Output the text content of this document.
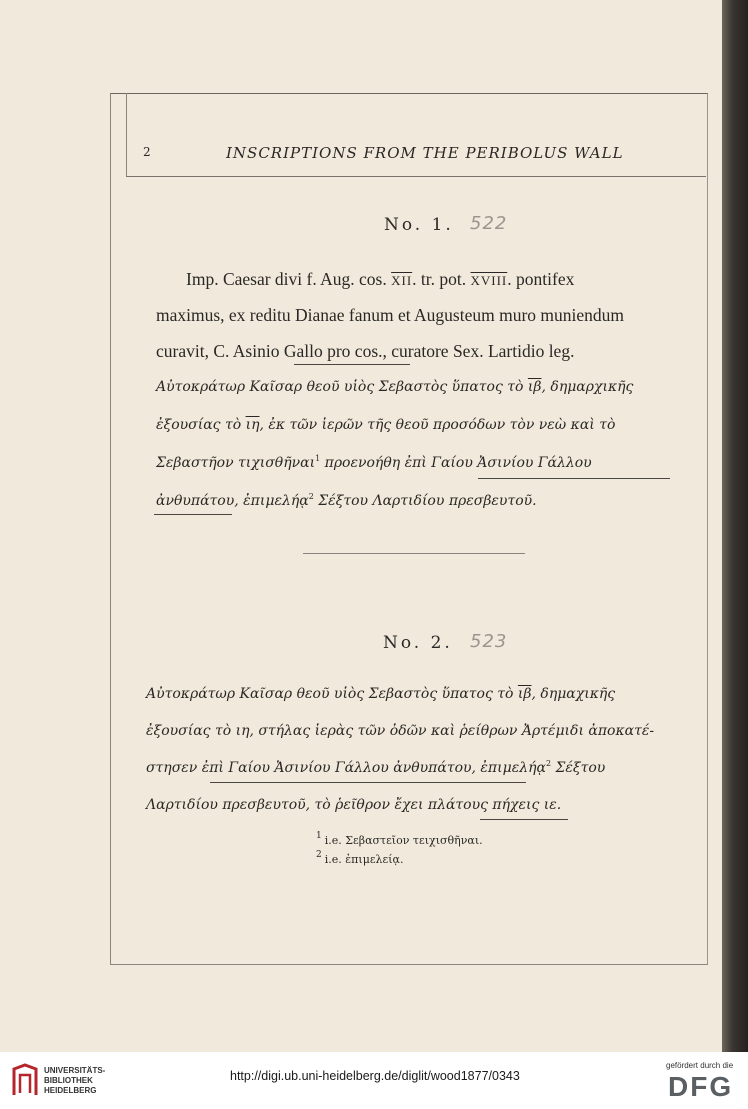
2	INSCRIPTIONS FROM THE PERIBOLUS WALL
No. 1. 522
Imp. Caesar divi f. Aug. cos. $\overline{XII}$. tr. pot. XVIII. pontifex
maximus, ex reditu Dianae fanum et Augusteum muro muniendum
curavit, C. Asinio Gallo pro cos., curatore Sex. Lartidio leg.
Αὐτοκράτωρ Καῖσαρ θεοῦ υἱὸς Σεβαστὸς ὕπατος τὸ $\overline{\iota\beta}$, δημαρχικῆς
ἐξουσίας τὸ $\overline{\iota\eta}$, ἐκ τῶν ἱερῶν τῆς θεοῦ προσόδων τὸν νεὼ καὶ τὸ
Σεβαστῆον τιχισθῆναι$^1$ προενοήθη ἐπὶ Γαίου Ἀσινίου Γάλλου
ἀνθυπάτου, ἐπιμελήᾳ$^2$ Σέξτου Λαρτιδίου πρεσβευτοῦ.
No. 2. 523
Αὐτοκράτωρ Καῖσαρ θεοῦ υἱὸς Σεβαστὸς ὕπατος τὸ $\overline{\iota\beta}$, δημαχικῆς
ἐξουσίας τὸ ιη, στήλας ἱερὰς τῶν ὁδῶν καὶ ῥείθρων Ἀρτέμιδι ἀποκατέ-
στησεν ἐπὶ Γαίου Ἀσινίου Γάλλου ἀνθυπάτου, ἐπιμελήᾳ$^2$ Σέξτου
Λαρτιδίου πρεσβευτοῦ, τὸ ῥεῖθρον ἔχει πλάτους πήχεις ιε.
$^1$ i.e. Σεβαστεῖον τειχισθῆναι.
$^2$ i.e. ἐπιμελείᾳ.
UNIVERSITÄTS-
BIBLIOTHEK
HEIDELBERG
http://digi.ub.uni-heidelberg.de/diglit/wood1877/0343
gefördert durch die
DFG
